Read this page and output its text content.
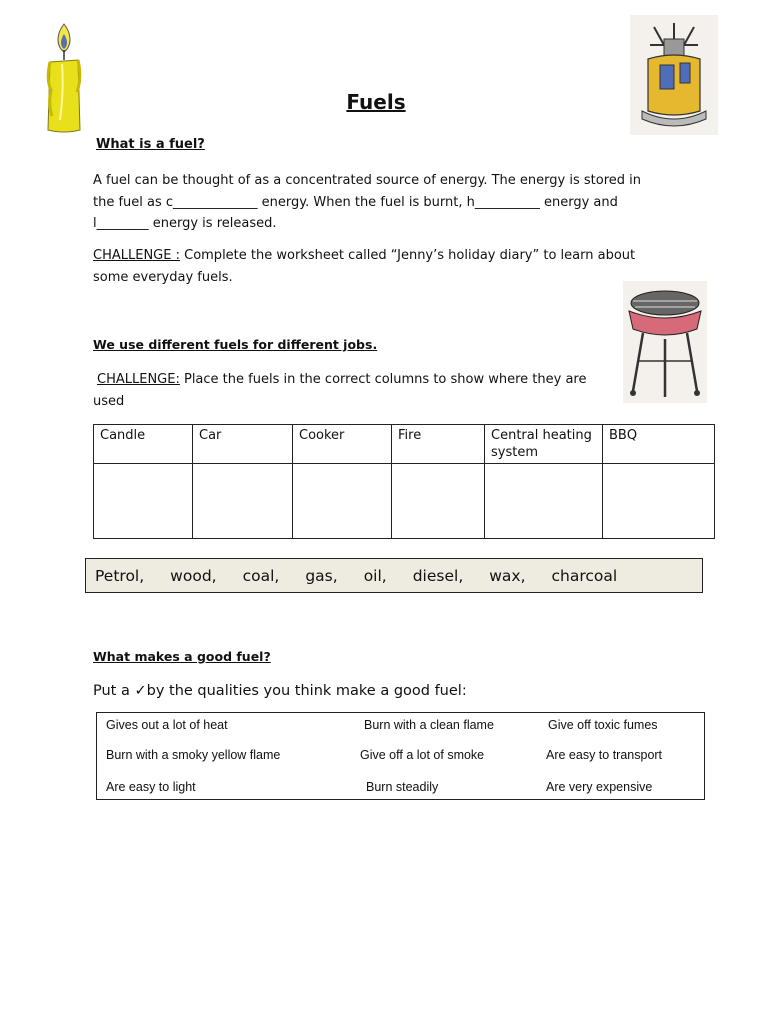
Fuels
What is a fuel?
A fuel can be thought of as a concentrated source of energy. The energy is stored in
the fuel as c_____________ energy. When the fuel is burnt, h__________ energy and
l________ energy is released.
CHALLENGE : Complete the worksheet called “Jenny’s holiday diary” to learn about
some everyday fuels.
We use different fuels for different jobs.
CHALLENGE: Place the fuels in the correct columns to show where they are
used
Candle	Car	Cooker	Fire	Central heating system	BBQ

Petrol, wood, coal, gas, oil, diesel, wax, charcoal
What makes a good fuel?
Put a ✓by the qualities you think make a good fuel:
Gives out a lot of heat	Burn with a clean flame	Give off toxic fumes
Burn with a smoky yellow flame	Give off a lot of smoke	Are easy to transport
Are easy to light	Burn steadily	Are very expensive
